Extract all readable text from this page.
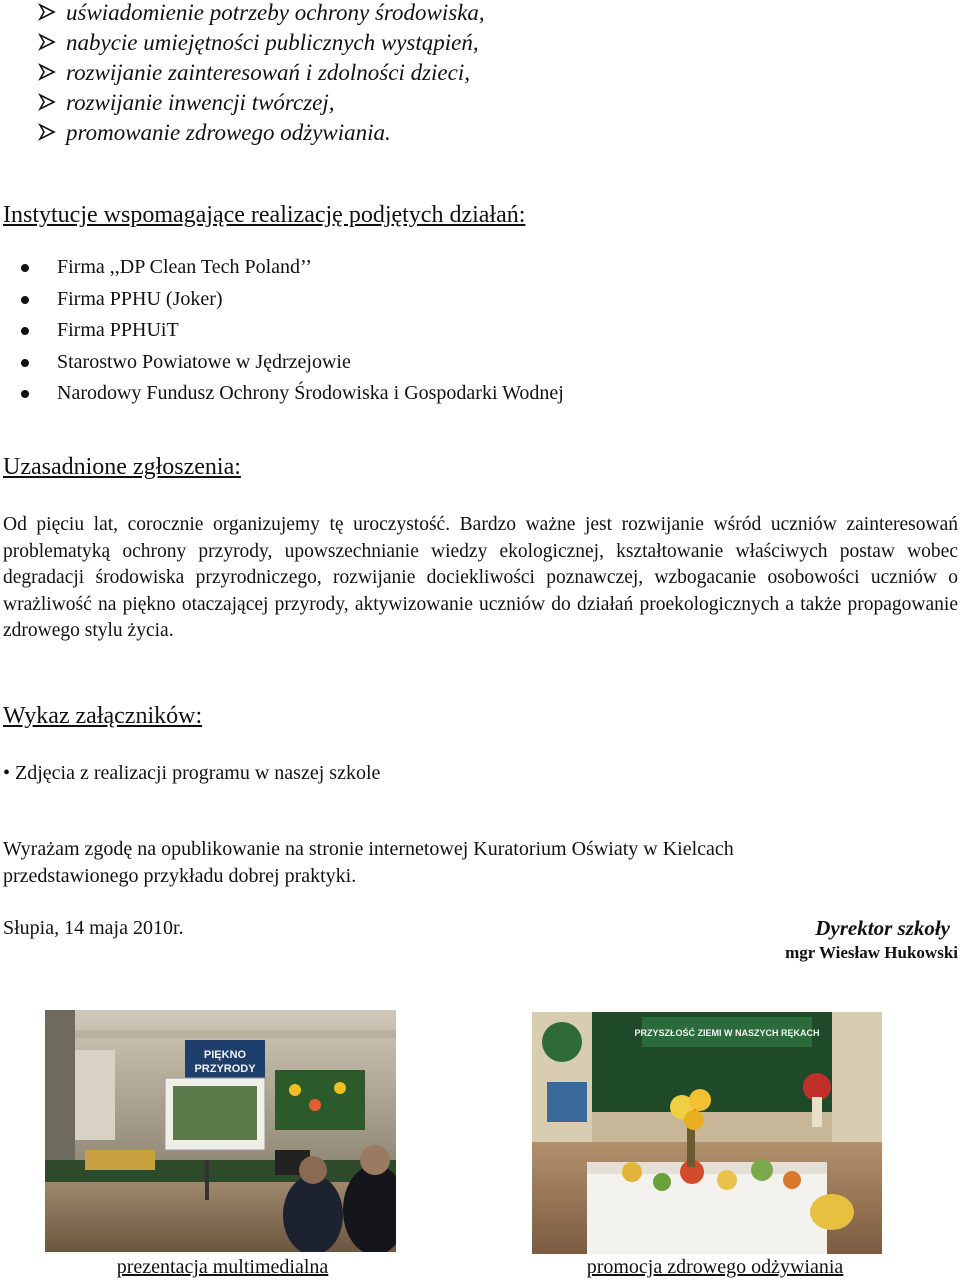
uświadomienie potrzeby ochrony środowiska,
nabycie umiejętności publicznych wystąpień,
rozwijanie zainteresowań i zdolności dzieci,
rozwijanie inwencji twórczej,
promowanie zdrowego odżywiania.
Instytucje wspomagające realizację podjętych działań:
Firma ,,DP Clean Tech Poland’’
Firma PPHU (Joker)
Firma PPHUiT
Starostwo Powiatowe w Jędrzejowie
Narodowy Fundusz Ochrony Środowiska i Gospodarki Wodnej
Uzasadnione zgłoszenia:
Od pięciu lat, corocznie organizujemy tę uroczystość. Bardzo ważne jest rozwijanie wśród uczniów zainteresowań problematyką ochrony przyrody, upowszechnianie wiedzy ekologicznej, kształtowanie właściwych postaw wobec degradacji środowiska przyrodniczego, rozwijanie dociekliwości poznawczej, wzbogacanie osobowości uczniów o wrażliwość na piękno otaczającej przyrody, aktywizowanie uczniów do działań proekologicznych a także propagowanie zdrowego stylu życia.
Wykaz załączników:
• Zdjęcia z realizacji programu w naszej szkole
Wyrażam zgodę na opublikowanie na stronie internetowej Kuratorium Oświaty w Kielcach
przedstawionego przykładu dobrej praktyki.
Słupia, 14 maja 2010r.	Dyrektor szkoły
mgr Wiesław Hukowski
PIĘKNO
PRZYRODY
prezentacja multimedialna
PRZYSZŁOŚĆ ZIEMI W NASZYCH RĘKACH
promocja zdrowego odżywiania
